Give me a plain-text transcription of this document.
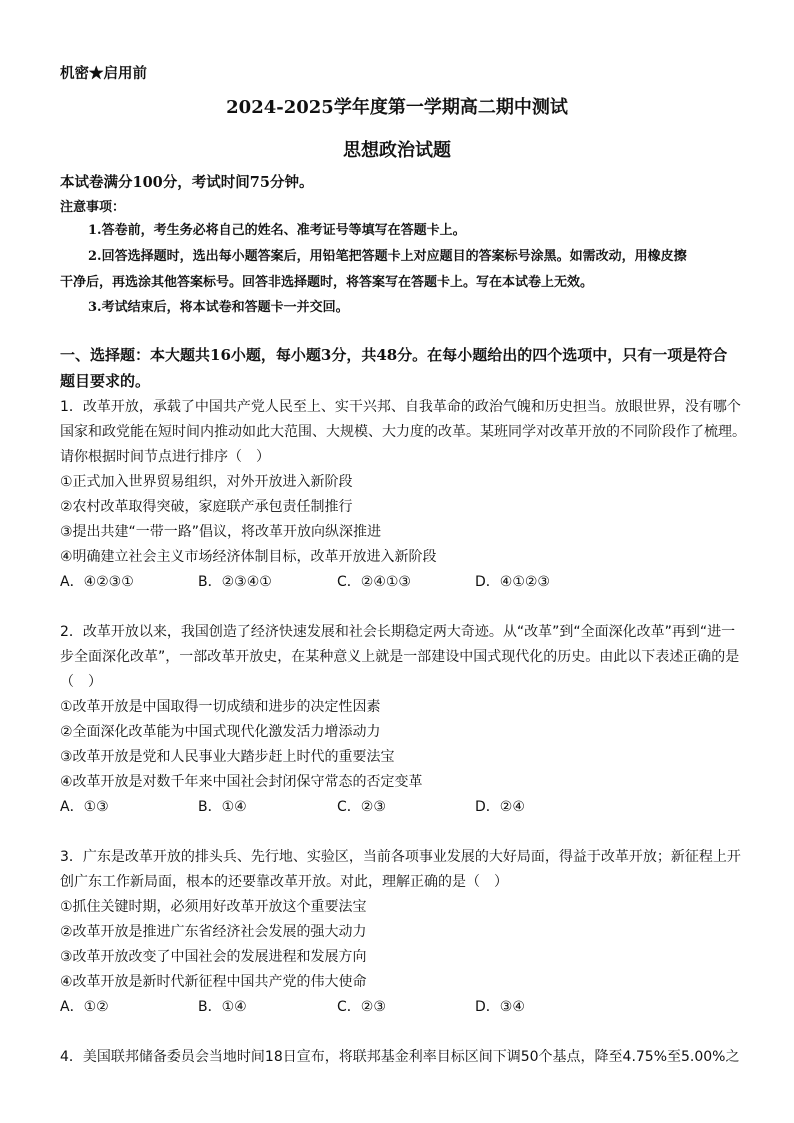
机密★启用前
2024-2025学年度第一学期高二期中测试
思想政治试题
本试卷满分100分，考试时间75分钟。
注意事项：
1.答卷前，考生务必将自己的姓名、准考证号等填写在答题卡上。
2.回答选择题时，选出每小题答案后，用铅笔把答题卡上对应题目的答案标号涂黑。如需改动，用橡皮擦
干净后，再选涂其他答案标号。回答非选择题时，将答案写在答题卡上。写在本试卷上无效。
3.考试结束后，将本试卷和答题卡一并交回。
一、选择题：本大题共16小题，每小题3分，共48分。在每小题给出的四个选项中，只有一项是符合题目要求的。
1．改革开放，承载了中国共产党人民至上、实干兴邦、自我革命的政治气魄和历史担当。放眼世界，没有哪个
国家和政党能在短时间内推动如此大范围、大规模、大力度的改革。某班同学对改革开放的不同阶段作了梳理。
请你根据时间节点进行排序（　）
①正式加入世界贸易组织，对外开放进入新阶段
②农村改革取得突破，家庭联产承包责任制推行
③提出共建“一带一路”倡议，将改革开放向纵深推进
④明确建立社会主义市场经济体制目标，改革开放进入新阶段
A．④②③①	B．②③④①	C．②④①③	D．④①②③
2．改革开放以来，我国创造了经济快速发展和社会长期稳定两大奇迹。从“改革”到“全面深化改革”再到“进一
步全面深化改革”，一部改革开放史，在某种意义上就是一部建设中国式现代化的历史。由此以下表述正确的是
（　）
①改革开放是中国取得一切成绩和进步的决定性因素
②全面深化改革能为中国式现代化激发活力增添动力
③改革开放是党和人民事业大踏步赶上时代的重要法宝
④改革开放是对数千年来中国社会封闭保守常态的否定变革
A．①③	B．①④	C．②③	D．②④
3．广东是改革开放的排头兵、先行地、实验区，当前各项事业发展的大好局面，得益于改革开放；新征程上开
创广东工作新局面，根本的还要靠改革开放。对此，理解正确的是（　）
①抓住关键时期，必须用好改革开放这个重要法宝
②改革开放是推进广东省经济社会发展的强大动力
③改革开放改变了中国社会的发展进程和发展方向
④改革开放是新时代新征程中国共产党的伟大使命
A．①②	B．①④	C．②③	D．③④
4．美国联邦储备委员会当地时间18日宣布，将联邦基金利率目标区间下调50个基点，降至4.75%至5.00%之
